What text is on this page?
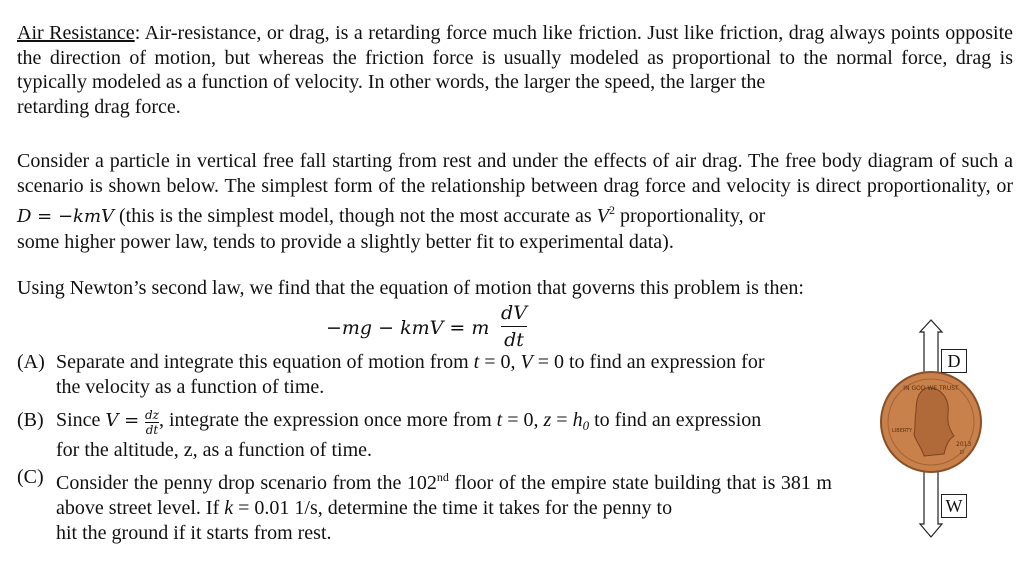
Air Resistance: Air-resistance, or drag, is a retarding force much like friction. Just like friction, drag always points opposite the direction of motion, but whereas the friction force is usually modeled as proportional to the normal force, drag is typically modeled as a function of velocity. In other words, the larger the speed, the larger the
retarding drag force.

Consider a particle in vertical free fall starting from rest and under the effects of air drag. The free body diagram of such a scenario is shown below. The simplest form of the relationship between drag force and velocity is direct proportionality, or D = −kmV (this is the simplest model, though not the most accurate as $V^2$ proportionality, or
some higher power law, tends to provide a slightly better fit to experimental data).

Using Newton’s second law, we find that the equation of motion that governs this problem is then:

−mg − kmV = m
dV
dt
(A) Separate and integrate this equation of motion from t = 0, V = 0 to find an expression for
the velocity as a function of time.
(B) Since $V = \frac{dz}{dt}$, integrate the expression once more from t = 0, $z = h_0$ to find an expression
for the altitude, z, as a function of time.
(C) Consider the penny drop scenario from the 102nd floor of the empire state building that is 381 m above street level. If k = 0.01 1/s, determine the time it takes for the penny to
hit the ground if it starts from rest.
IN GOD WE TRUST
LIBERTY
2013
D
D
W
